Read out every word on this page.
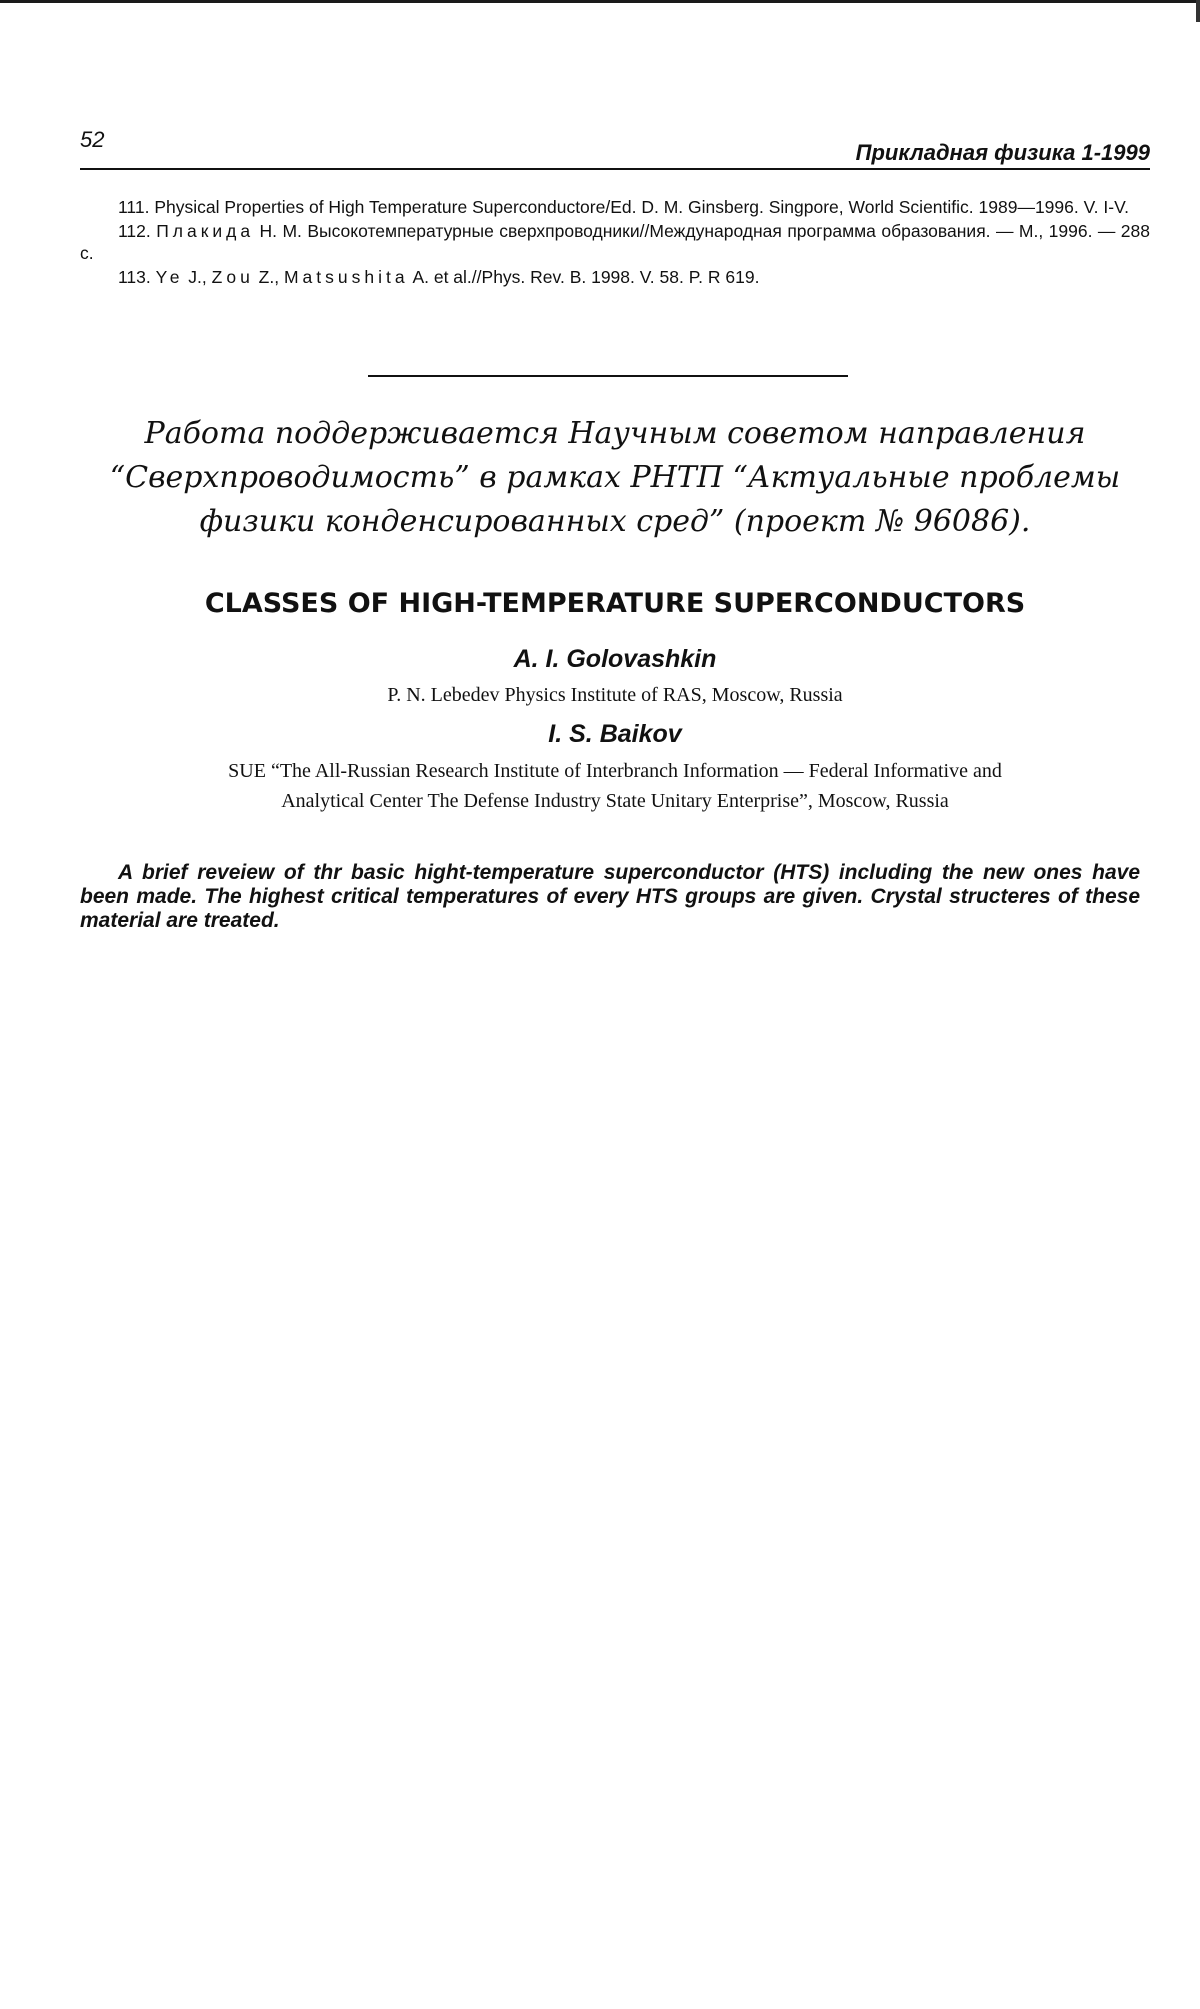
52
Прикладная физика 1-1999

111. Physical Properties of High Temperature Superconductore/Ed. D. M. Ginsberg. Singpore, World Scientific. 1989—1996. V. I-V.

112. Плакида Н. М. Высокотемпературные сверхпроводники//Международная программа образования. — М., 1996. — 288 с.

113. Ye J., Zou Z., Matsushita A. et al.//Phys. Rev. B. 1998. V. 58. P. R 619.

Работа поддерживается Научным советом направления
“Сверхпроводимость” в рамках РНТП “Актуальные проблемы
физики конденсированных сред” (проект № 96086).
CLASSES OF HIGH-TEMPERATURE SUPERCONDUCTORS
A. I. Golovashkin
P. N. Lebedev Physics Institute of RAS, Moscow, Russia
I. S. Baikov
SUE “The All-Russian Research Institute of Interbranch Information — Federal Informative and
Analytical Center The Defense Industry State Unitary Enterprise”, Moscow, Russia

A brief reveiew of thr basic hight-temperature superconductor (HTS) including the new ones have been made. The highest critical temperatures of every HTS groups are given. Crystal structeres of these material are treated.
